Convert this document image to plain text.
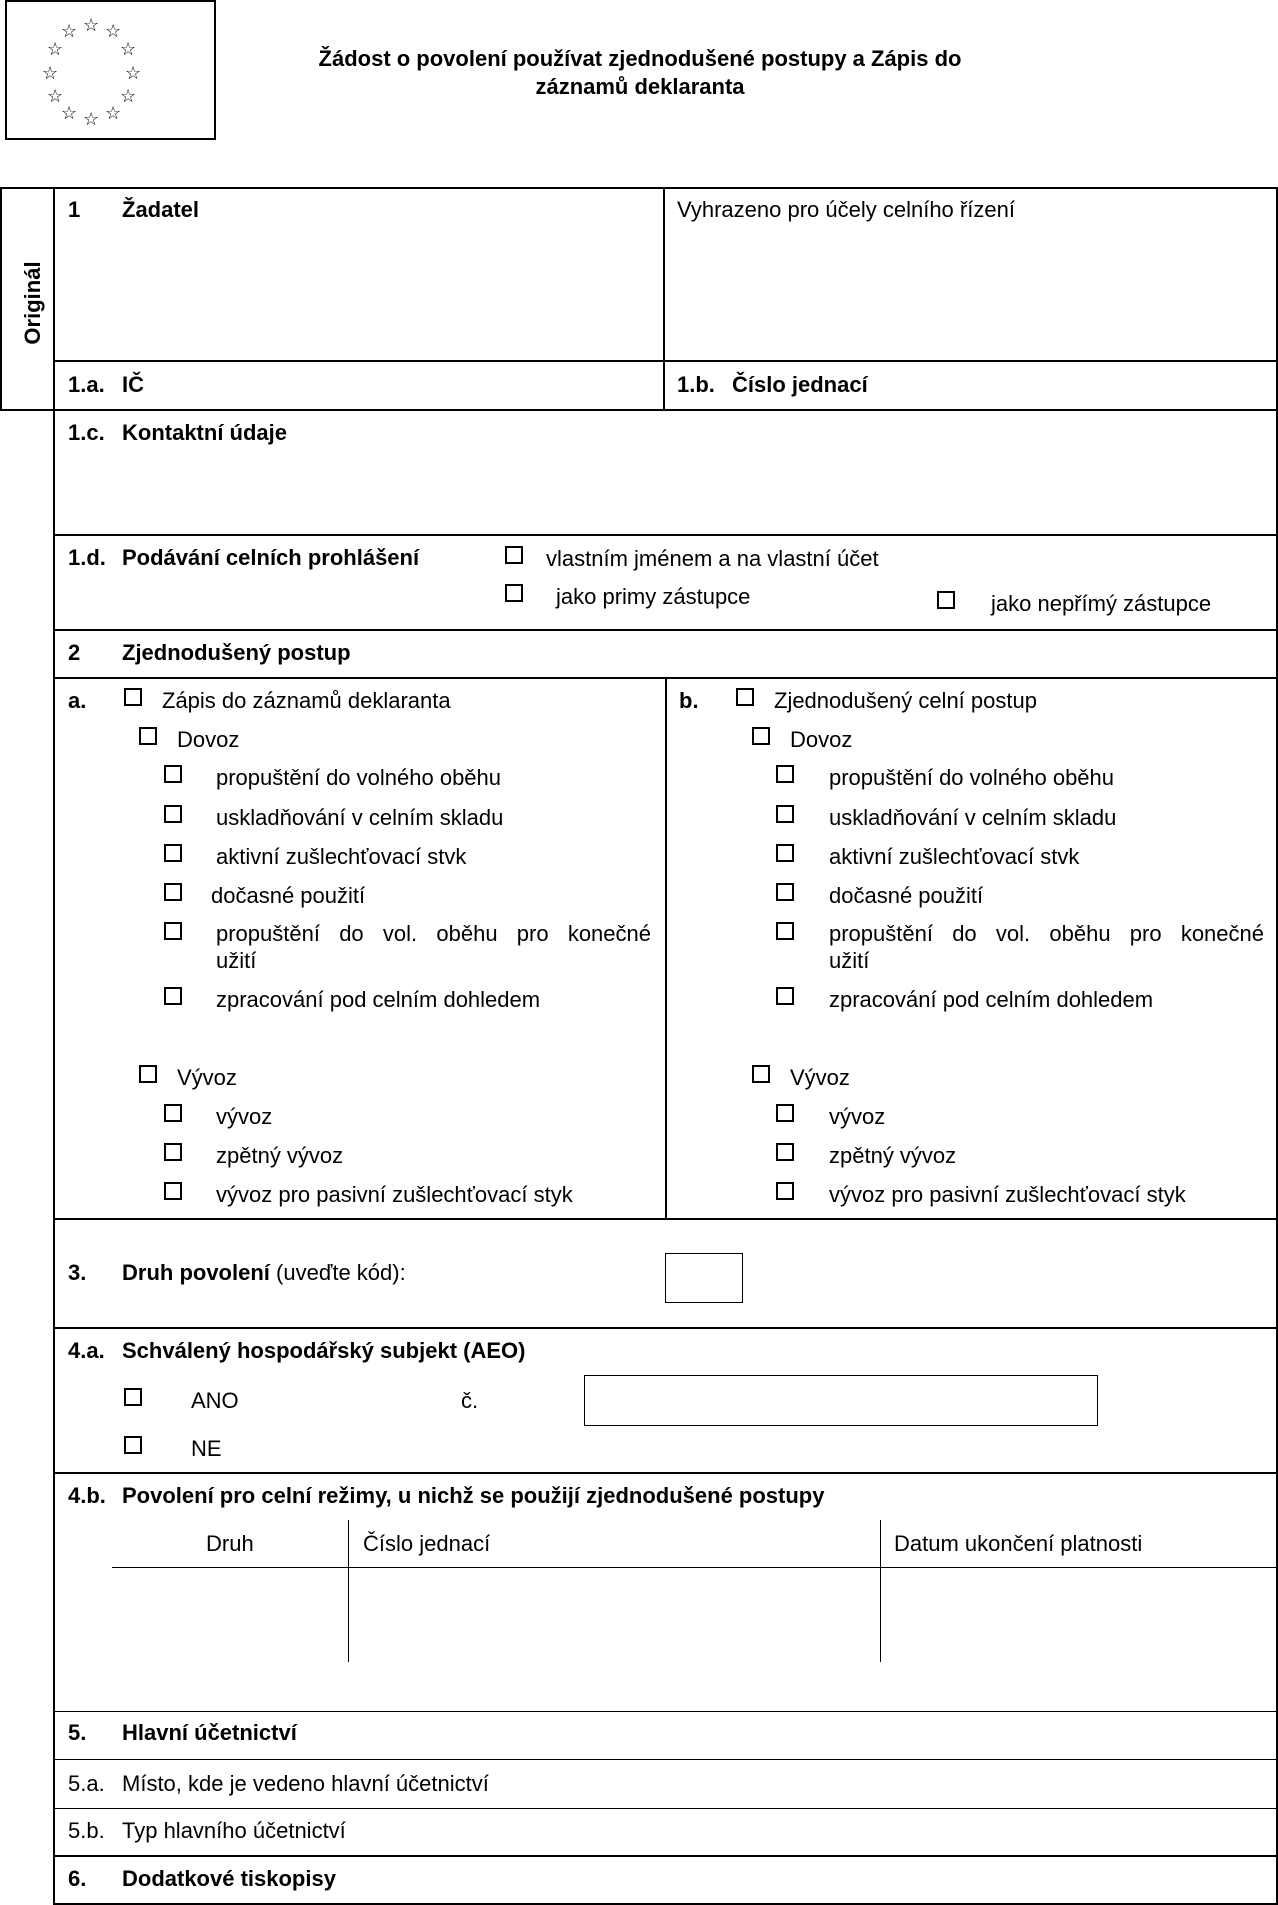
☆ ☆
☆
☆
☆
☆
☆
☆
☆
☆
☆ ☆
Žádost o povolení používat zjednodušené postupy a Zápis do
záznamů deklaranta
Originál
1 Žadatel	Vyhrazeno pro účely celního řízení
1.a. IČ	1.b. Číslo jednací
1.c. Kontaktní údaje
1.d. Podávání celních prohlášení	vlastním jménem a na vlastní účet
jako primy zástupce	jako nepřímý zástupce
2 Zjednodušený postup
a.	Zápis do záznamů deklaranta
Dovoz
propuštění do volného oběhu
uskladňování v celním skladu
aktivní zušlechťovací stvk
dočasné použití
propuštění do vol. oběhu pro konečné
užití
zpracování pod celním dohledem
Vývoz
vývoz
zpětný vývoz
vývoz pro pasivní zušlechťovací styk
b.	Zjednodušený celní postup
Dovoz
propuštění do volného oběhu
uskladňování v celním skladu
aktivní zušlechťovací stvk
dočasné použití
propuštění do vol. oběhu pro konečné
užití
zpracování pod celním dohledem
Vývoz
vývoz
zpětný vývoz
vývoz pro pasivní zušlechťovací styk
3. Druh povolení (uveďte kód):
4.a. Schválený hospodářský subjekt (AEO)
ANO	č.
NE
4.b. Povolení pro celní režimy, u nichž se použijí zjednodušené postupy
Druh	Číslo jednací	Datum ukončení platnosti
5. Hlavní účetnictví
5.a. Místo, kde je vedeno hlavní účetnictví
5.b. Typ hlavního účetnictví
6. Dodatkové tiskopisy
